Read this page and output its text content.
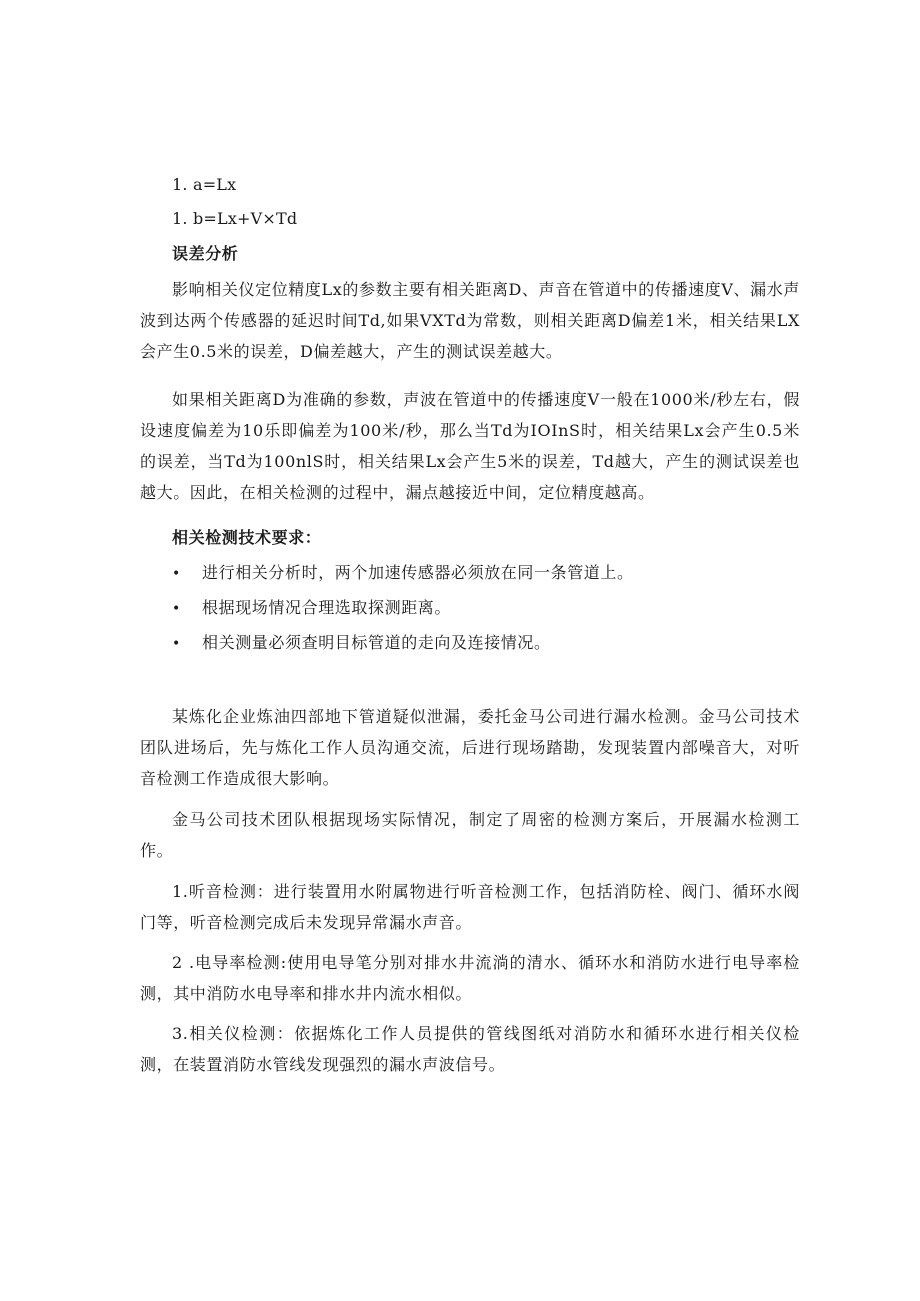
1. a=Lx
1. b=Lx+V×Td
误差分析

影响相关仪定位精度Lx的参数主要有相关距离D、声音在管道中的传播速度V、漏水声波到达两个传感器的延迟时间Td,如果VXTd为常数，则相关距离D偏差1米，相关结果LX会产生0.5米的误差，D偏差越大，产生的测试误差越大。

如果相关距离D为准确的参数，声波在管道中的传播速度V一般在1000米/秒左右，假设速度偏差为10乐即偏差为100米/秒，那么当Td为IOInS时，相关结果Lx会产生0.5米的误差，当Td为100nlS时，相关结果Lx会产生5米的误差，Td越大，产生的测试误差也越大。因此，在相关检测的过程中，漏点越接近中间，定位精度越高。

相关检测技术要求：
• 进行相关分析时，两个加速传感器必须放在同一条管道上。
• 根据现场情况合理选取探测距离。
• 相关测量必须查明目标管道的走向及连接情况。

某炼化企业炼油四部地下管道疑似泄漏，委托金马公司进行漏水检测。金马公司技术团队进场后，先与炼化工作人员沟通交流，后进行现场踏勘，发现装置内部噪音大，对听音检测工作造成很大影响。

金马公司技术团队根据现场实际情况，制定了周密的检测方案后，开展漏水检测工作。

1.听音检测：进行装置用水附属物进行听音检测工作，包括消防栓、阀门、循环水阀门等，听音检测完成后未发现异常漏水声音。

2 .电导率检测:使用电导笔分别对排水井流淌的清水、循环水和消防水进行电导率检测，其中消防水电导率和排水井内流水相似。

3.相关仪检测：依据炼化工作人员提供的管线图纸对消防水和循环水进行相关仪检测，在装置消防水管线发现强烈的漏水声波信号。
